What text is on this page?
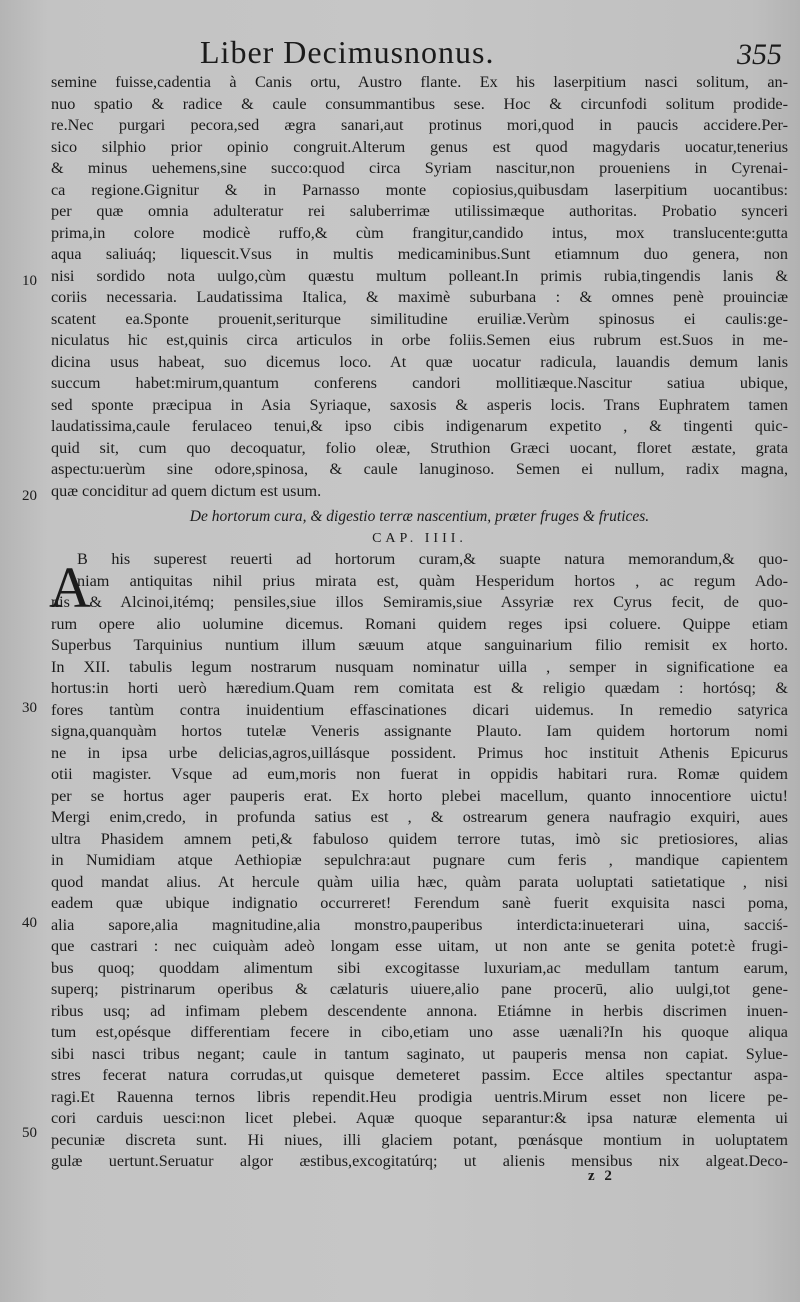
Liber Decimusnonus.	355
semine fuisse,cadentia à Canis ortu, Austro flante. Ex his laserpitium nasci solitum, an-
nuo spatio & radice & caule consummantibus sese. Hoc & circunfodi solitum prodide-
re.Nec purgari pecora,sed ægra sanari,aut protinus mori,quod in paucis accidere.Per-
sico silphio prior opinio congruit.Alterum genus est quod magydaris uocatur,tenerius
& minus uehemens,sine succo:quod circa Syriam nascitur,non proueniens in Cyrenai-
ca regione.Gignitur & in Parnasso monte copiosius,quibusdam laserpitium uocantibus:
per quæ omnia adulteratur rei saluberrimæ utilissimæque authoritas. Probatio synceri
prima,in colore modicè ruffo,& cùm frangitur,candido intus, mox translucente:gutta
aqua saliuáq; liquescit.Vsus in multis medicaminibus.Sunt etiamnum duo genera, non
nisi sordido nota uulgo,cùm quæstu multum polleant.In primis rubia,tingendis lanis &
coriis necessaria. Laudatissima Italica, & maximè suburbana : & omnes penè prouinciæ
scatent ea.Sponte prouenit,seriturque similitudine eruiliæ.Verùm spinosus ei caulis:ge-
niculatus hic est,quinis circa articulos in orbe foliis.Semen eius rubrum est.Suos in me-
dicina usus habeat, suo dicemus loco. At quæ uocatur radicula, lauandis demum lanis
succum habet:mirum,quantum conferens candori mollitiæque.Nascitur satiua ubique,
sed sponte præcipua in Asia Syriaque, saxosis & asperis locis. Trans Euphratem tamen
laudatissima,caule ferulaceo tenui,& ipso cibis indigenarum expetito , & tingenti quic-
quid sit, cum quo decoquatur, folio oleæ, Struthion Græci uocant, floret æstate, grata
aspectu:uerùm sine odore,spinosa, & caule lanuginoso. Semen ei nullum, radix magna,
quæ conciditur ad quem dictum est usum.
De hortorum cura, & digestio terræ nascentium, præter fruges & frutices.
CAP. IIII.
B his superest reuerti ad hortorum curam,& suapte natura memorandum,& quo-
niam antiquitas nihil prius mirata est, quàm Hesperidum hortos , ac regum Ado-
nis & Alcinoi,itémq; pensiles,siue illos Semiramis,siue Assyriæ rex Cyrus fecit, de quo-
rum opere alio uolumine dicemus. Romani quidem reges ipsi coluere. Quippe etiam
Superbus Tarquinius nuntium illum sæuum atque sanguinarium filio remisit ex horto.
In XII. tabulis legum nostrarum nusquam nominatur uilla , semper in significatione ea
hortus:in horti uerò hæredium.Quam rem comitata est & religio quædam : hortósq; &
fores tantùm contra inuidentium effascinationes dicari uidemus. In remedio satyrica
signa,quanquàm hortos tutelæ Veneris assignante Plauto. Iam quidem hortorum nomi
ne in ipsa urbe delicias,agros,uillásque possident. Primus hoc instituit Athenis Epicurus
otii magister. Vsque ad eum,moris non fuerat in oppidis habitari rura. Romæ quidem
per se hortus ager pauperis erat. Ex horto plebei macellum, quanto innocentiore uictu!
Mergi enim,credo, in profunda satius est , & ostrearum genera naufragio exquiri, aues
ultra Phasidem amnem peti,& fabuloso quidem terrore tutas, imò sic pretiosiores, alias
in Numidiam atque Aethiopiæ sepulchra:aut pugnare cum feris , mandique capientem
quod mandat alius. At hercule quàm uilia hæc, quàm parata uoluptati satietatique , nisi
eadem quæ ubique indignatio occurreret! Ferendum sanè fuerit exquisita nasci poma,
alia sapore,alia magnitudine,alia monstro,pauperibus interdicta:inueterari uina, sacciś-
que castrari : nec cuiquàm adeò longam esse uitam, ut non ante se genita potet:è frugi-
bus quoq; quoddam alimentum sibi excogitasse luxuriam,ac medullam tantum earum,
superq; pistrinarum operibus & cælaturis uiuere,alio pane procerū, alio uulgi,tot gene-
ribus usq; ad infimam plebem descendente annona. Etiámne in herbis discrimen inuen-
tum est,opésque differentiam fecere in cibo,etiam uno asse uænali?In his quoque aliqua
sibi nasci tribus negant; caule in tantum saginato, ut pauperis mensa non capiat. Sylue-
stres fecerat natura corrudas,ut quisque demeteret passim. Ecce altiles spectantur aspa-
ragi.Et Rauenna ternos libris rependit.Heu prodigia uentris.Mirum esset non licere pe-
cori carduis uesci:non licet plebei. Aquæ quoque separantur:& ipsa naturæ elementa ui
pecuniæ discreta sunt. Hi niues, illi glaciem potant, pœnásque montium in uoluptatem
gulæ uertunt.Seruatur algor æstibus,excogitatúrq; ut alienis mensibus nix algeat.Deco-
A
10
20
30
40
50
z 2
